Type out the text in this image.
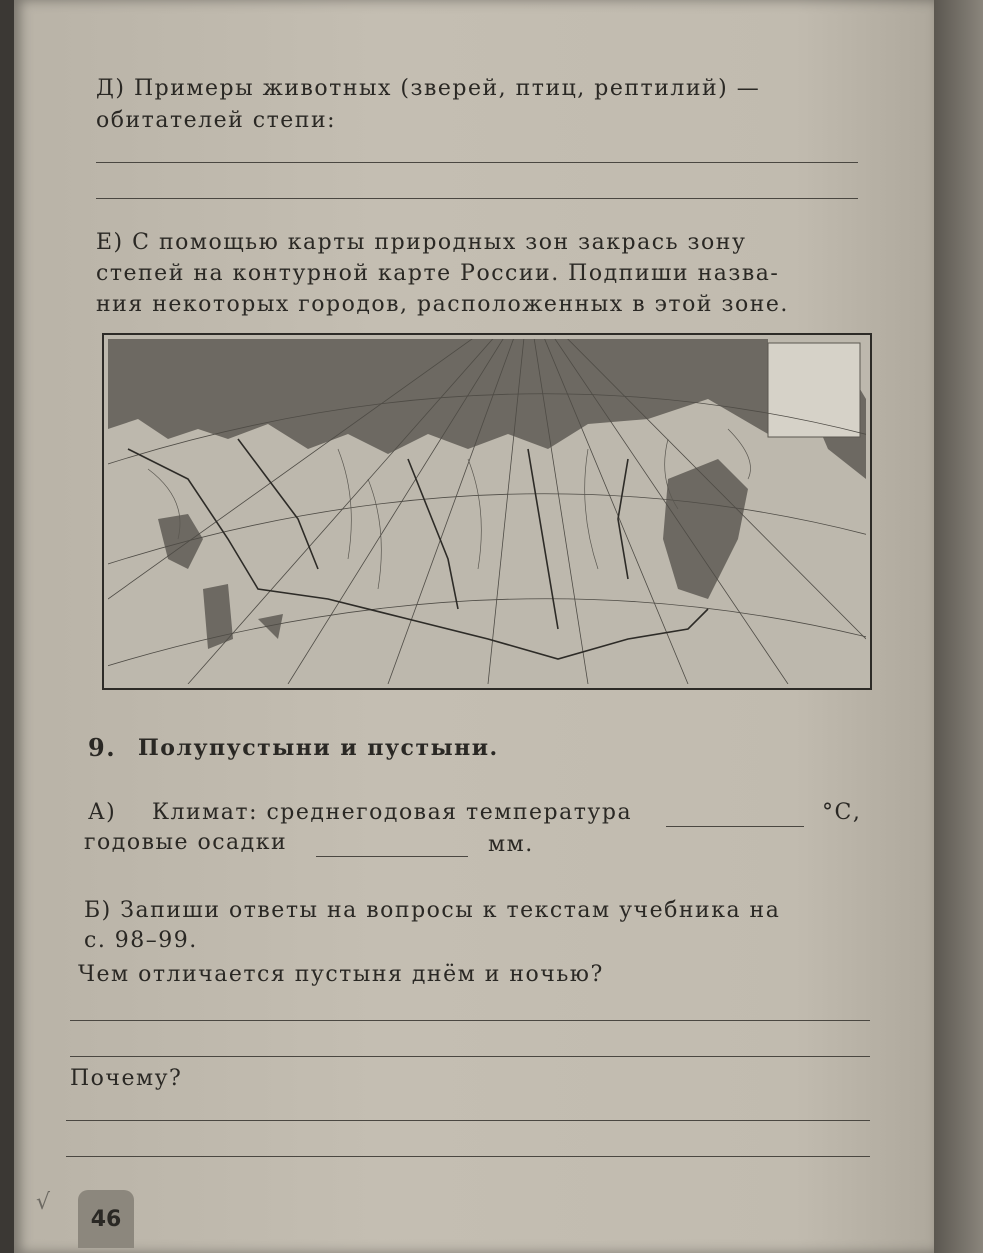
Д) Примеры животных (зверей, птиц, рептилий) —
обитателей степи:
Е) С помощью карты природных зон закрась зону
степей на контурной карте России. Подпиши назва-
ния некоторых городов, расположенных в этой зоне.
9. Полупустыни и пустыни.
А) Климат: среднегодовая температура	°С,
годовые осадки	мм.
Б) Запиши ответы на вопросы к текстам учебника на
с. 98–99.
Чем отличается пустыня днём и ночью?
Почему?
√
46
